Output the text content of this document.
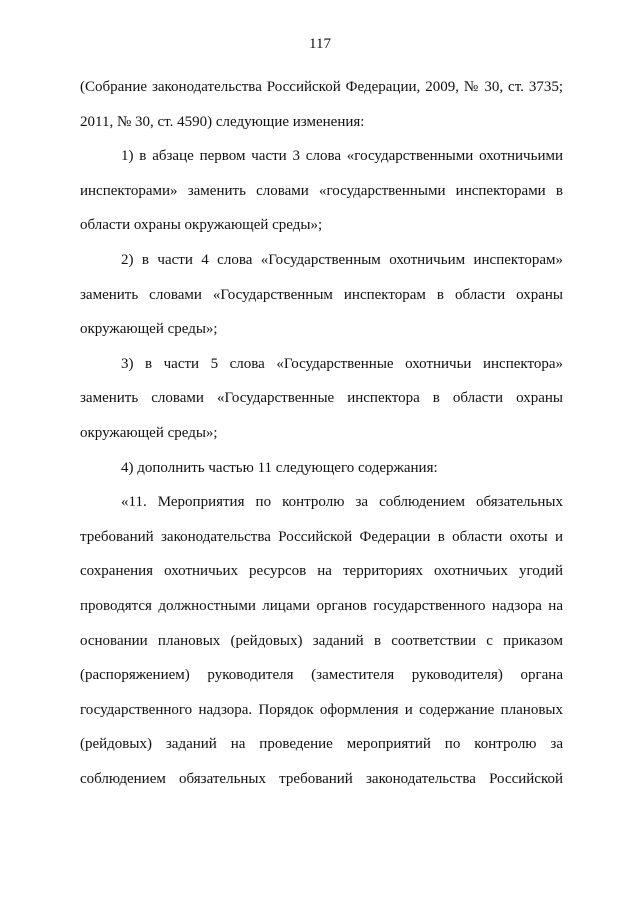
117

(Собрание законодательства Российской Федерации, 2009, № 30, ст. 3735; 2011, № 30, ст. 4590) следующие изменения:

1) в абзаце первом части 3 слова «государственными охотничьими инспекторами» заменить словами «государственными инспекторами в области охраны окружающей среды»;

2) в части 4 слова «Государственным охотничьим инспекторам» заменить словами «Государственным инспекторам в области охраны окружающей среды»;

3) в части 5 слова «Государственные охотничьи инспектора» заменить словами «Государственные инспектора в области охраны окружающей среды»;

4) дополнить частью 11 следующего содержания:

«11. Мероприятия по контролю за соблюдением обязательных требований законодательства Российской Федерации в области охоты и сохранения охотничьих ресурсов на территориях охотничьих угодий проводятся должностными лицами органов государственного надзора на основании плановых (рейдовых) заданий в соответствии с приказом (распоряжением) руководителя (заместителя руководителя) органа государственного надзора. Порядок оформления и содержание плановых (рейдовых) заданий на проведение мероприятий по контролю за соблюдением обязательных требований законодательства Российской
